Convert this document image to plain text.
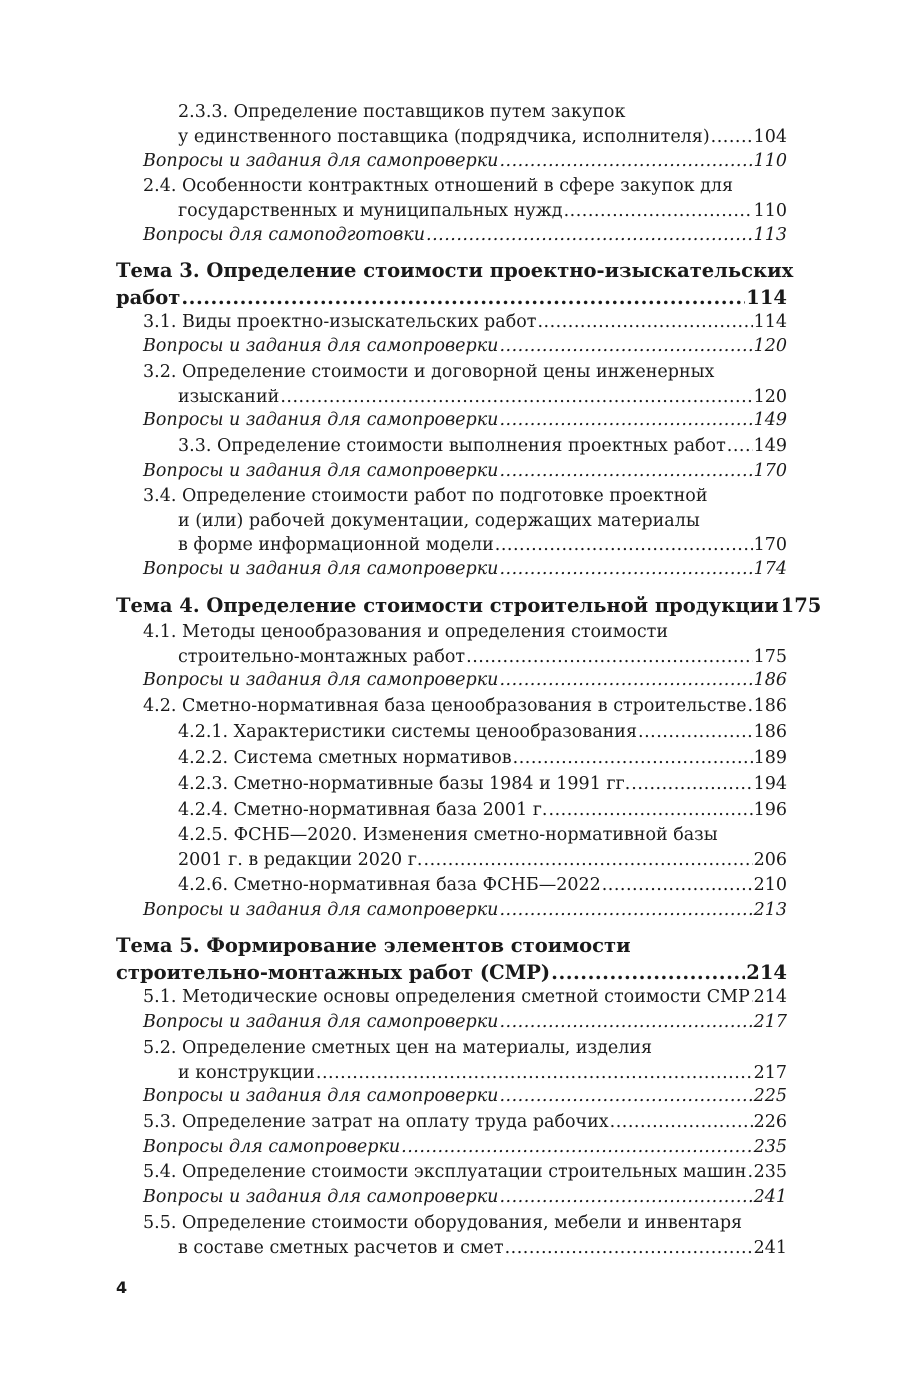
2.3.3. Определение поставщиков путем закупок
у единственного поставщика (подрядчика, исполнителя) .....	104
Вопросы и задания для самопроверки .....	110
2.4. Особенности контрактных отношений в сфере закупок для
государственных и муниципальных нужд .....	110
Вопросы для самоподготовки .....	113
Тема 3. Определение стоимости проектно-изыскательских
работ .....	114
3.1. Виды проектно-изыскательских работ .....	114
Вопросы и задания для самопроверки .....	120
3.2. Определение стоимости и договорной цены инженерных
изысканий .....	120
Вопросы и задания для самопроверки .....	149
3.3. Определение стоимости выполнения проектных работ ..... 149
Вопросы и задания для самопроверки .....	170
3.4. Определение стоимости работ по подготовке проектной
и (или) рабочей документации, содержащих материалы
в форме информационной модели .....	170
Вопросы и задания для самопроверки .....	174
Тема 4. Определение стоимости строительной продукции 175
4.1. Методы ценообразования и определения стоимости
строительно-монтажных работ .....	175
Вопросы и задания для самопроверки .....	186
4.2. Сметно-нормативная база ценообразования в строительстве ..... 186
4.2.1. Характеристики системы ценообразования .....	186
4.2.2. Система сметных нормативов .....	189
4.2.3. Сметно-нормативные базы 1984 и 1991 гг. .....	194
4.2.4. Сметно-нормативная база 2001 г. .....	196
4.2.5. ФСНБ—2020. Изменения сметно-нормативной базы
2001 г. в редакции 2020 г. .....	206
4.2.6. Сметно-нормативная база ФСНБ—2022 .....	210
Вопросы и задания для самопроверки .....	213
Тема 5. Формирование элементов стоимости
строительно-монтажных работ (СМР) .....	214
5.1. Методические основы определения сметной стоимости СМР ..... 214
Вопросы и задания для самопроверки .....	217
5.2. Определение сметных цен на материалы, изделия
и конструкции .....	217
Вопросы и задания для самопроверки .....	225
5.3. Определение затрат на оплату труда рабочих .....	226
Вопросы для самопроверки .....	235
5.4. Определение стоимости эксплуатации строительных машин ..... 235
Вопросы и задания для самопроверки .....	241
5.5. Определение стоимости оборудования, мебели и инвентаря
в составе сметных расчетов и смет .....	241
4
